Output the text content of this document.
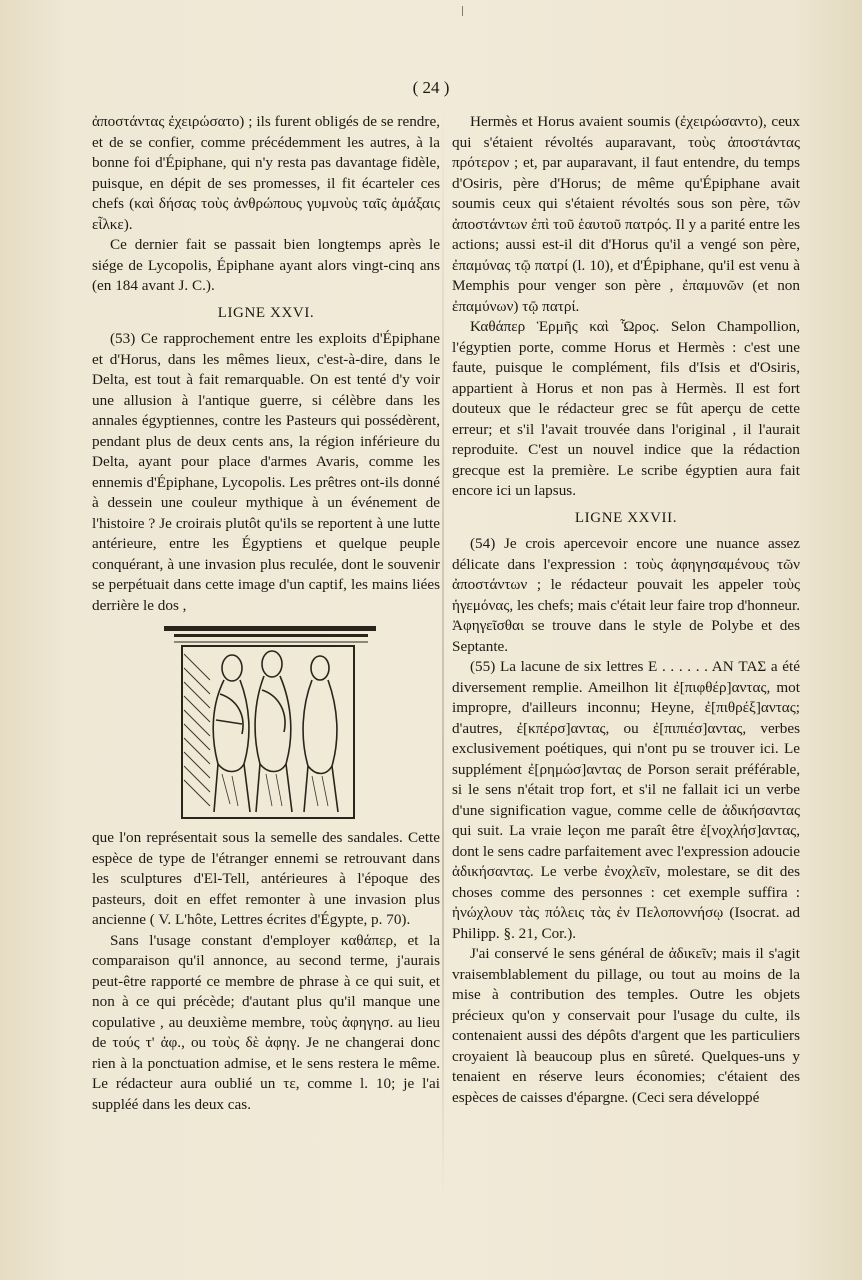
( 24 )

ἀποστάντας ἐχειρώσατο) ; ils furent obligés de se rendre, et de se confier, comme précédemment les autres, à la bonne foi d'Épiphane, qui n'y resta pas davantage fidèle, puisque, en dépit de ses promesses, il fit écarteler ces chefs (καὶ δήσας τοὺς ἀνθρώπους γυμνοὺς ταῖς ἁμάξαις εἷλκε).

Ce dernier fait se passait bien longtemps après le siége de Lycopolis, Épiphane ayant alors vingt-cinq ans (en 184 avant J. C.).

LIGNE XXVI.

(53) Ce rapprochement entre les exploits d'Épiphane et d'Horus, dans les mêmes lieux, c'est-à-dire, dans le Delta, est tout à fait remarquable. On est tenté d'y voir une allusion à l'antique guerre, si célèbre dans les annales égyptiennes, contre les Pasteurs qui possédèrent, pendant plus de deux cents ans, la région inférieure du Delta, ayant pour place d'armes Avaris, comme les ennemis d'Épiphane, Lycopolis. Les prêtres ont-ils donné à dessein une couleur mythique à un événement de l'histoire ? Je croirais plutôt qu'ils se reportent à une lutte antérieure, entre les Égyptiens et quelque peuple conquérant, à une invasion plus reculée, dont le souvenir se perpétuait dans cette image d'un captif, les mains liées derrière le dos ,

que l'on représentait sous la semelle des sandales. Cette espèce de type de l'étranger ennemi se retrouvant dans les sculptures d'El-Tell, antérieures à l'époque des pasteurs, doit en effet remonter à une invasion plus ancienne ( V. L'hôte, Lettres écrites d'Égypte, p. 70).

Sans l'usage constant d'employer καθάπερ, et la comparaison qu'il annonce, au second terme, j'aurais peut-être rapporté ce membre de phrase à ce qui suit, et non à ce qui précède; d'autant plus qu'il manque une copulative , au deuxième membre, τοὺς ἀφηγησ. au lieu de τούς τ' ἀφ., ou τοὺς δὲ ἀφηγ. Je ne changerai donc rien à la ponctuation admise, et le sens restera le même. Le rédacteur aura oublié un τε, comme l. 10; je l'ai suppléé dans les deux cas.

Hermès et Horus avaient soumis (ἐχειρώσαντο), ceux qui s'étaient révoltés auparavant, τοὺς ἀποστάντας πρότερον ; et, par auparavant, il faut entendre, du temps d'Osiris, père d'Horus; de même qu'Épiphane avait soumis ceux qui s'étaient révoltés sous son père, τῶν ἀποστάντων ἐπὶ τοῦ ἑαυτοῦ πατρός. Il y a parité entre les actions; aussi est-il dit d'Horus qu'il a vengé son père, ἐπαμύνας τῷ πατρί (l. 10), et d'Épiphane, qu'il est venu à Memphis pour venger son père , ἐπαμυνῶν (et non ἐπαμύνων) τῷ πατρί.

Καθάπερ Ἑρμῆς καὶ Ὧρος. Selon Champollion, l'égyptien porte, comme Horus et Hermès : c'est une faute, puisque le complément, fils d'Isis et d'Osiris, appartient à Horus et non pas à Hermès. Il est fort douteux que le rédacteur grec se fût aperçu de cette erreur; et s'il l'avait trouvée dans l'original , il l'aurait reproduite. C'est un nouvel indice que la rédaction grecque est la première. Le scribe égyptien aura fait encore ici un lapsus.

LIGNE XXVII.

(54) Je crois apercevoir encore une nuance assez délicate dans l'expression : τοὺς ἀφηγησαμένους τῶν ἀποστάντων ; le rédacteur pouvait les appeler τοὺς ἡγεμόνας, les chefs; mais c'était leur faire trop d'honneur. Ἀφηγεῖσθαι se trouve dans le style de Polybe et des Septante.

(55) La lacune de six lettres E . . . . . . AN ΤΑΣ a été diversement remplie. Ameilhon lit ἐ[πιφθέρ]αντας, mot impropre, d'ailleurs inconnu; Heyne, ἐ[πιθρέξ]αντας; d'autres, ἐ[κπέρσ]αντας, ou ἐ[πιπιέσ]αντας, verbes exclusivement poétiques, qui n'ont pu se trouver ici. Le supplément ἐ[ρημώσ]αντας de Porson serait préférable, si le sens n'était trop fort, et s'il ne fallait ici un verbe d'une signification vague, comme celle de ἀδικήσαντας qui suit. La vraie leçon me paraît être ἐ[νοχλήσ]αντας, dont le sens cadre parfaitement avec l'expression adoucie ἀδικήσαντας. Le verbe ἐνοχλεῖν, molestare, se dit des choses comme des personnes : cet exemple suffira : ἠνώχλουν τὰς πόλεις τὰς ἐν Πελοποννήσῳ (Isocrat. ad Philipp. §. 21, Cor.).

J'ai conservé le sens général de ἀδικεῖν; mais il s'agit vraisemblablement du pillage, ou tout au moins de la mise à contribution des temples. Outre les objets précieux qu'on y conservait pour l'usage du culte, ils contenaient aussi des dépôts d'argent que les particuliers croyaient là beaucoup plus en sûreté. Quelques-uns y tenaient en réserve leurs économies; c'étaient des espèces de caisses d'épargne. (Ceci sera développé
